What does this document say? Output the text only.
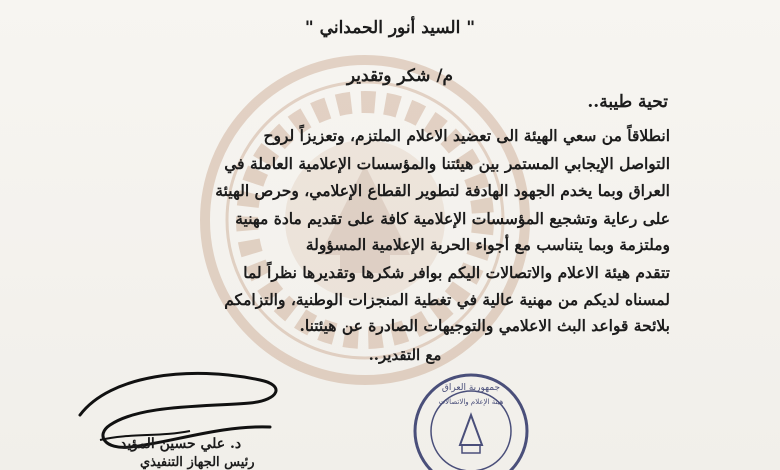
" السيد أنور الحمداني "
م/ شكر وتقدير
تحية طيبة..
انطلاقاً من سعي الهيئة الى تعضيد الاعلام الملتزم، وتعزيزاً لروح
التواصل الإيجابي المستمر بين هيئتنا والمؤسسات الإعلامية العاملة في
العراق وبما يخدم الجهود الهادفة لتطوير القطاع الإعلامي، وحرص الهيئة
على رعاية وتشجيع المؤسسات الإعلامية كافة على تقديم مادة مهنية
وملتزمة وبما يتناسب مع أجواء الحرية الإعلامية المسؤولة
تتقدم هيئة الاعلام والاتصالات اليكم بوافر شكرها وتقديرها نظراً لما
لمسناه لديكم من مهنية عالية في تغطية المنجزات الوطنية، والتزامكم
بلائحة قواعد البث الاعلامي والتوجيهات الصادرة عن هيئتنا.
مع التقدير..
جمهورية العراق
هيئة الإعلام والاتصالات
د. علي حسين المؤيد
رئيس الجهاز التنفيذي
